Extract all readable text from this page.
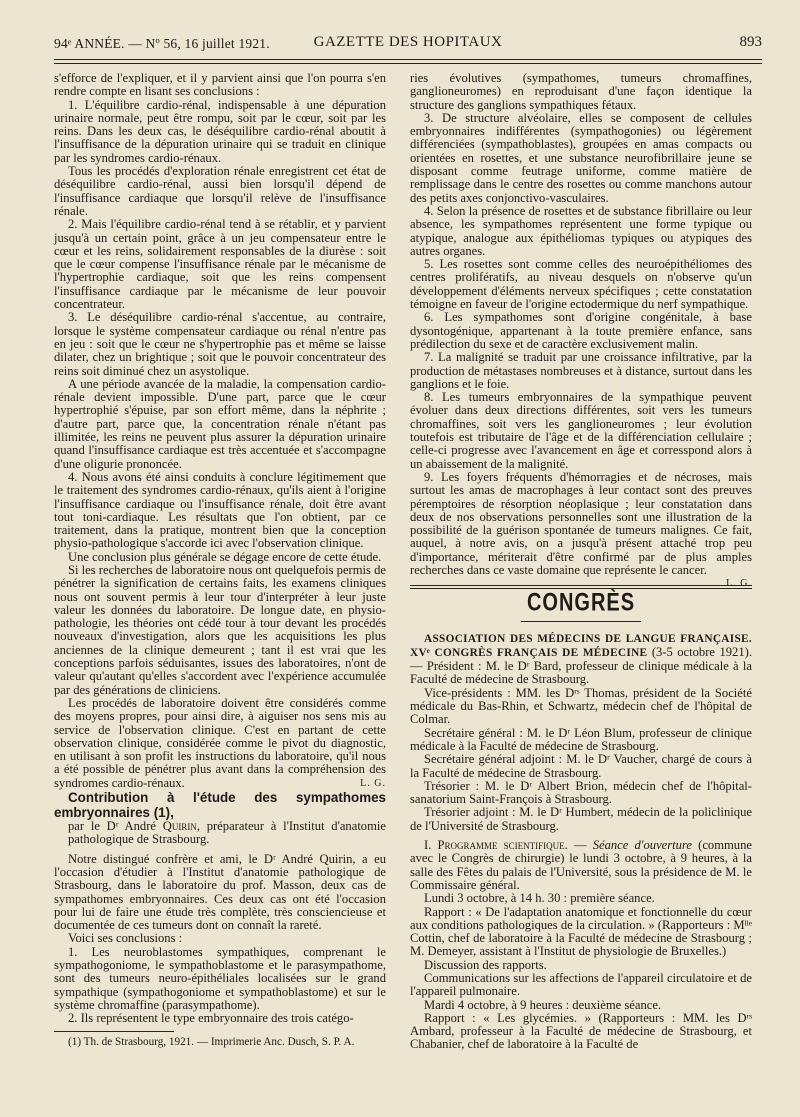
94ᵉ ANNÉE. — Nº 56, 16 juillet 1921.	GAZETTE DES HOPITAUX	893

s'efforce de l'expliquer, et il y parvient ainsi que l'on pourra s'en rendre compte en lisant ses conclusions :

1. L'équilibre cardio-rénal, indispensable à une dépuration urinaire normale, peut être rompu, soit par le cœur, soit par les reins. Dans les deux cas, le déséquilibre cardio-rénal aboutit à l'insuffisance de la dépuration urinaire qui se traduit en clinique par les syndromes cardio-rénaux.

Tous les procédés d'exploration rénale enregistrent cet état de déséquilibre cardio-rénal, aussi bien lorsqu'il dépend de l'insuffisance cardiaque que lorsqu'il relève de l'insuffisance rénale.

2. Mais l'équilibre cardio-rénal tend à se rétablir, et y parvient jusqu'à un certain point, grâce à un jeu compensateur entre le cœur et les reins, solidairement responsables de la diurèse : soit que le cœur compense l'insuffisance rénale par le mécanisme de l'hypertrophie cardiaque, soit que les reins compensent l'insuffisance cardiaque par le mécanisme de leur pouvoir concentrateur.

3. Le déséquilibre cardio-rénal s'accentue, au contraire, lorsque le système compensateur cardiaque ou rénal n'entre pas en jeu : soit que le cœur ne s'hypertrophie pas et même se laisse dilater, chez un brightique ; soit que le pouvoir concentrateur des reins soit diminué chez un asystolique.

A une période avancée de la maladie, la compensation cardio-rénale devient impossible. D'une part, parce que le cœur hypertrophié s'épuise, par son effort même, dans la néphrite ; d'autre part, parce que, la concentration rénale n'étant pas illimitée, les reins ne peuvent plus assurer la dépuration urinaire quand l'insuffisance cardiaque est très accentuée et s'accompagne d'une oligurie prononcée.

4. Nous avons été ainsi conduits à conclure légitimement que le traitement des syndromes cardio-rénaux, qu'ils aient à l'origine l'insuffisance cardiaque ou l'insuffisance rénale, doit être avant tout toni-cardiaque. Les résultats que l'on obtient, par ce traitement, dans la pratique, montrent bien que la conception physio-pathologique s'accorde ici avec l'observation clinique.

Une conclusion plus générale se dégage encore de cette étude.

Si les recherches de laboratoire nous ont quelquefois permis de pénétrer la signification de certains faits, les examens cliniques nous ont souvent permis à leur tour d'interpréter à leur juste valeur les données du laboratoire. De longue date, en physio-pathologie, les théories ont cédé tour à tour devant les procédés nouveaux d'investigation, alors que les acquisitions les plus anciennes de la clinique demeurent ; tant il est vrai que les conceptions parfois séduisantes, issues des laboratoires, n'ont de valeur qu'autant qu'elles s'accordent avec l'expérience accumulée par des générations de cliniciens.

Les procédés de laboratoire doivent être considérés comme des moyens propres, pour ainsi dire, à aiguiser nos sens mis au service de l'observation clinique. C'est en partant de cette observation clinique, considérée comme le pivot du diagnostic, en utilisant à son profit les instructions du laboratoire, qu'il nous a été possible de pénétrer plus avant dans la compréhension des syndromes cardio-rénaux.	L. G.

Contribution à l'étude des sympathomes embryonnaires (1),

par le Dʳ André Quirin, préparateur à l'Institut d'anatomie pathologique de Strasbourg.

Notre distingué confrère et ami, le Dʳ André Quirin, a eu l'occasion d'étudier à l'Institut d'anatomie pathologique de Strasbourg, dans le laboratoire du prof. Masson, deux cas de sympathomes embryonnaires. Ces deux cas ont été l'occasion pour lui de faire une étude très complète, très consciencieuse et documentée de ces tumeurs dont on connaît la rareté.

Voici ses conclusions :

1. Les neuroblastomes sympathiques, comprenant le sympathogoniome, le sympathoblastome et le parasympathome, sont des tumeurs neuro-épithéliales localisées sur le grand sympathique (sympathogoniome et sympathoblastome) et sur le système chromaffine (parasympathome).

2. Ils représentent le type embryonnaire des trois catégo-

(1) Th. de Strasbourg, 1921. — Imprimerie Anc. Dusch, S. P. A.

ries évolutives (sympathomes, tumeurs chromaffines, ganglioneuromes) en reproduisant d'une façon identique la structure des ganglions sympathiques fétaux.

3. De structure alvéolaire, elles se composent de cellules embryonnaires indifférentes (sympathogonies) ou légèrement différenciées (sympathoblastes), groupées en amas compacts ou orientées en rosettes, et une substance neurofibrillaire jeune se disposant comme feutrage uniforme, comme matière de remplissage dans le centre des rosettes ou comme manchons autour des petits axes conjonctivo-vasculaires.

4. Selon la présence de rosettes et de substance fibrillaire ou leur absence, les sympathomes représentent une forme typique ou atypique, analogue aux épithéliomas typiques ou atypiques des autres organes.

5. Les rosettes sont comme celles des neuroépithéliomes des centres prolifératifs, au niveau desquels on n'observe qu'un développement d'éléments nerveux spécifiques ; cette constatation témoigne en faveur de l'origine ectodermique du nerf sympathique.

6. Les sympathomes sont d'origine congénitale, à base dysontogénique, appartenant à la toute première enfance, sans prédilection du sexe et de caractère exclusivement malin.

7. La malignité se traduit par une croissance infiltrative, par la production de métastases nombreuses et à distance, surtout dans les ganglions et le foie.

8. Les tumeurs embryonnaires de la sympathique peuvent évoluer dans deux directions différentes, soit vers les tumeurs chromaffines, soit vers les ganglioneuromes ; leur évolution toutefois est tributaire de l'âge et de la différenciation cellulaire ; celle-ci progresse avec l'avancement en âge et corresspond alors à un abaissement de la malignité.

9. Les foyers fréquents d'hémorragies et de nécroses, mais surtout les amas de macrophages à leur contact sont des preuves péremptoires de résorption néoplasique ; leur constatation dans deux de nos observations personnelles sont une illustration de la possibilité de la guérison spontanée de tumeurs malignes. Ce fait, auquel, à notre avis, on a jusqu'à présent attaché trop peu d'importance, mériterait d'être confirmé par de plus amples recherches dans ce vaste domaine que représente le cancer.
L. G.

CONGRÈS

ASSOCIATION DES MÉDECINS DE LANGUE FRANÇAISE. XVᵉ CONGRÈS FRANÇAIS DE MÉDECINE (3-5 octobre 1921). — Président : M. le Dʳ Bard, professeur de clinique médicale à la Faculté de médecine de Strasbourg.

Vice-présidents : MM. les Dʳˢ Thomas, président de la Société médicale du Bas-Rhin, et Schwartz, médecin chef de l'hôpital de Colmar.

Secrétaire général : M. le Dʳ Léon Blum, professeur de clinique médicale à la Faculté de médecine de Strasbourg.

Secrétaire général adjoint : M. le Dʳ Vaucher, chargé de cours à la Faculté de médecine de Strasbourg.

Trésorier : M. le Dʳ Albert Brion, médecin chef de l'hôpital-sanatorium Saint-François à Strasbourg.

Trésorier adjoint : M. le Dʳ Humbert, médecin de la policlinique de l'Université de Strasbourg.

I. Programme scientifique. — Séance d'ouverture (commune avec le Congrès de chirurgie) le lundi 3 octobre, à 9 heures, à la salle des Fêtes du palais de l'Université, sous la présidence de M. le Commissaire général.

Lundi 3 octobre, à 14 h. 30 : première séance.

Rapport : « De l'adaptation anatomique et fonctionnelle du cœur aux conditions pathologiques de la circulation. » (Rapporteurs : Mˡˡᵉ Cottin, chef de laboratoire à la Faculté de médecine de Strasbourg ; M. Demeyer, assistant à l'Institut de physiologie de Bruxelles.)

Discussion des rapports.

Communications sur les affections de l'appareil circulatoire et de l'appareil pulmonaire.

Mardi 4 octobre, à 9 heures : deuxième séance.

Rapport : « Les glycémies. » (Rapporteurs : MM. les Dʳˢ Ambard, professeur à la Faculté de médecine de Strasbourg, et Chabanier, chef de laboratoire à la Faculté de
